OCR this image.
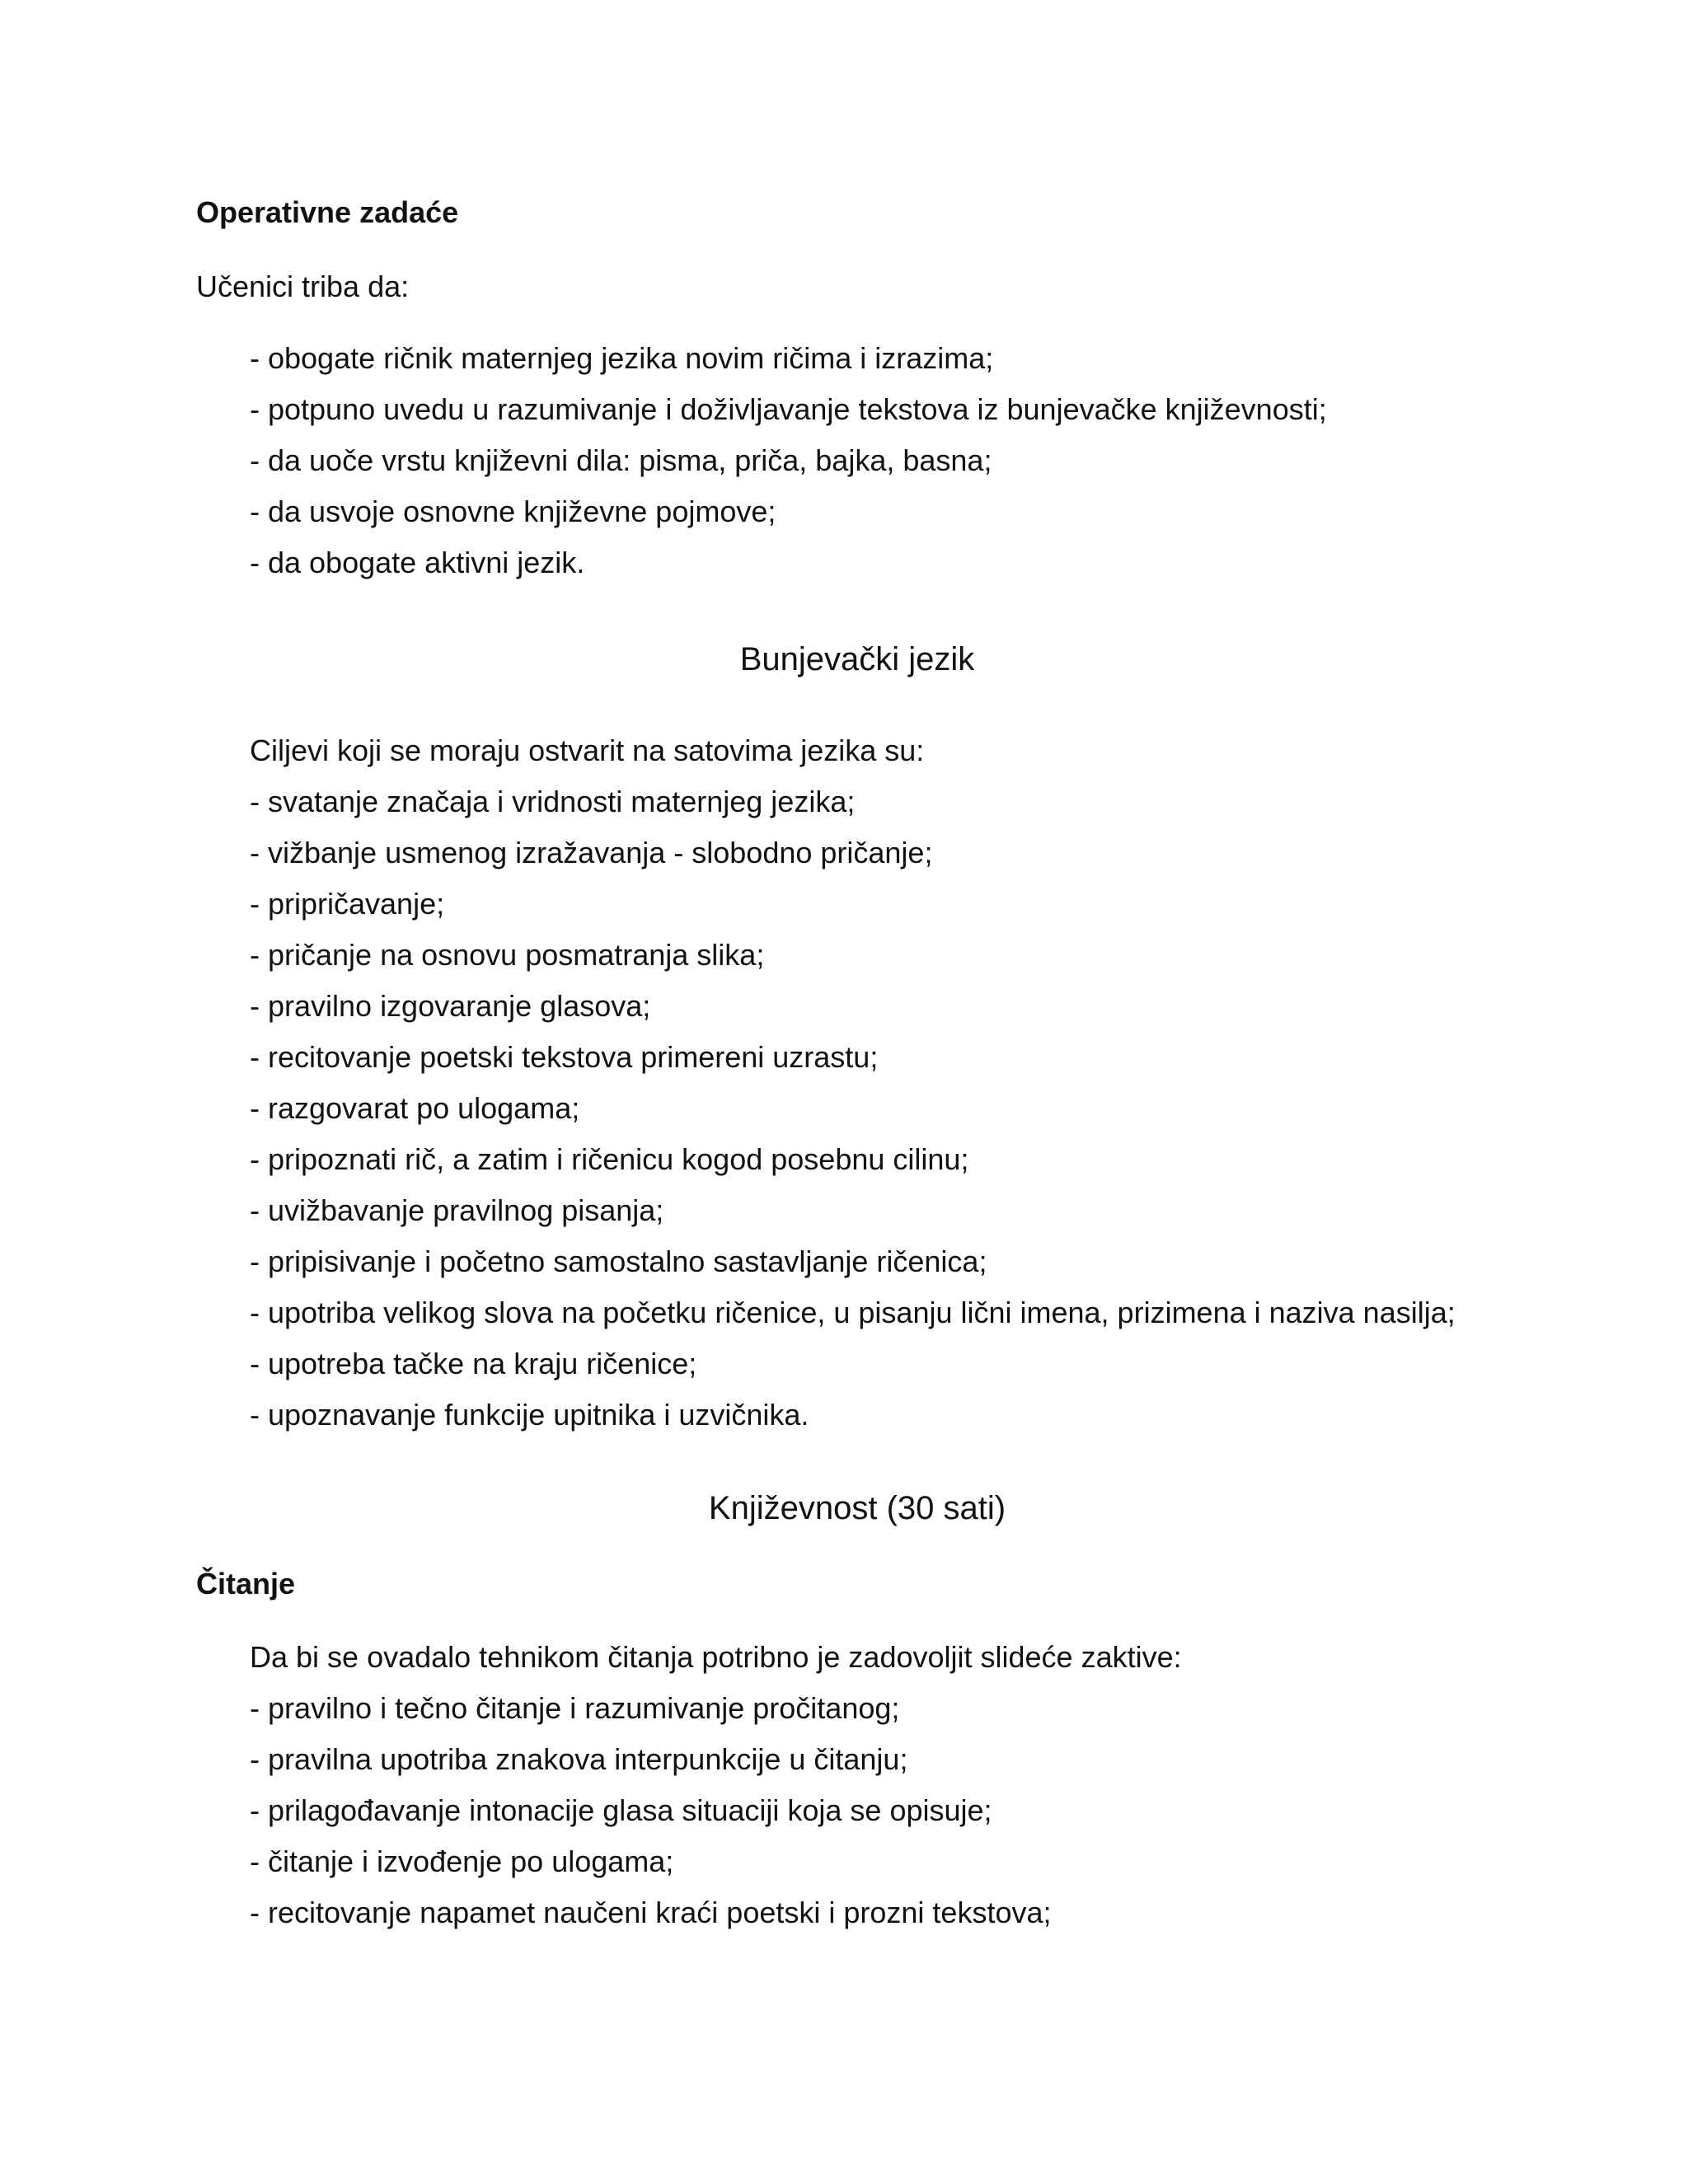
Operativne zadaće
Učenici triba da:
- obogate ričnik maternjeg jezika novim ričima i izrazima;
- potpuno uvedu u razumivanje i doživljavanje tekstova iz bunjevačke književnosti;
- da uoče vrstu književni dila: pisma, priča, bajka, basna;
- da usvoje osnovne književne pojmove;
- da obogate aktivni jezik.
Bunjevački jezik
Ciljevi koji se moraju ostvarit na satovima jezika su:
- svatanje značaja i vridnosti maternjeg jezika;
- vižbanje usmenog izražavanja - slobodno pričanje;
- pripričavanje;
- pričanje na osnovu posmatranja slika;
- pravilno izgovaranje glasova;
- recitovanje poetski tekstova primereni uzrastu;
- razgovarat po ulogama;
- pripoznati rič, a zatim i ričenicu kogod posebnu cilinu;
- uvižbavanje pravilnog pisanja;
- pripisivanje i početno samostalno sastavljanje ričenica;
- upotriba velikog slova na početku ričenice, u pisanju lični imena, prizimena i naziva nasilja;
- upotreba tačke na kraju ričenice;
- upoznavanje funkcije upitnika i uzvičnika.
Književnost (30 sati)
Čitanje
Da bi se ovadalo tehnikom čitanja potribno je zadovoljit slideće zaktive:
- pravilno i tečno čitanje i razumivanje pročitanog;
- pravilna upotriba znakova interpunkcije u čitanju;
- prilagođavanje intonacije glasa situaciji koja se opisuje;
- čitanje i izvođenje po ulogama;
- recitovanje napamet naučeni kraći poetski i prozni tekstova;
